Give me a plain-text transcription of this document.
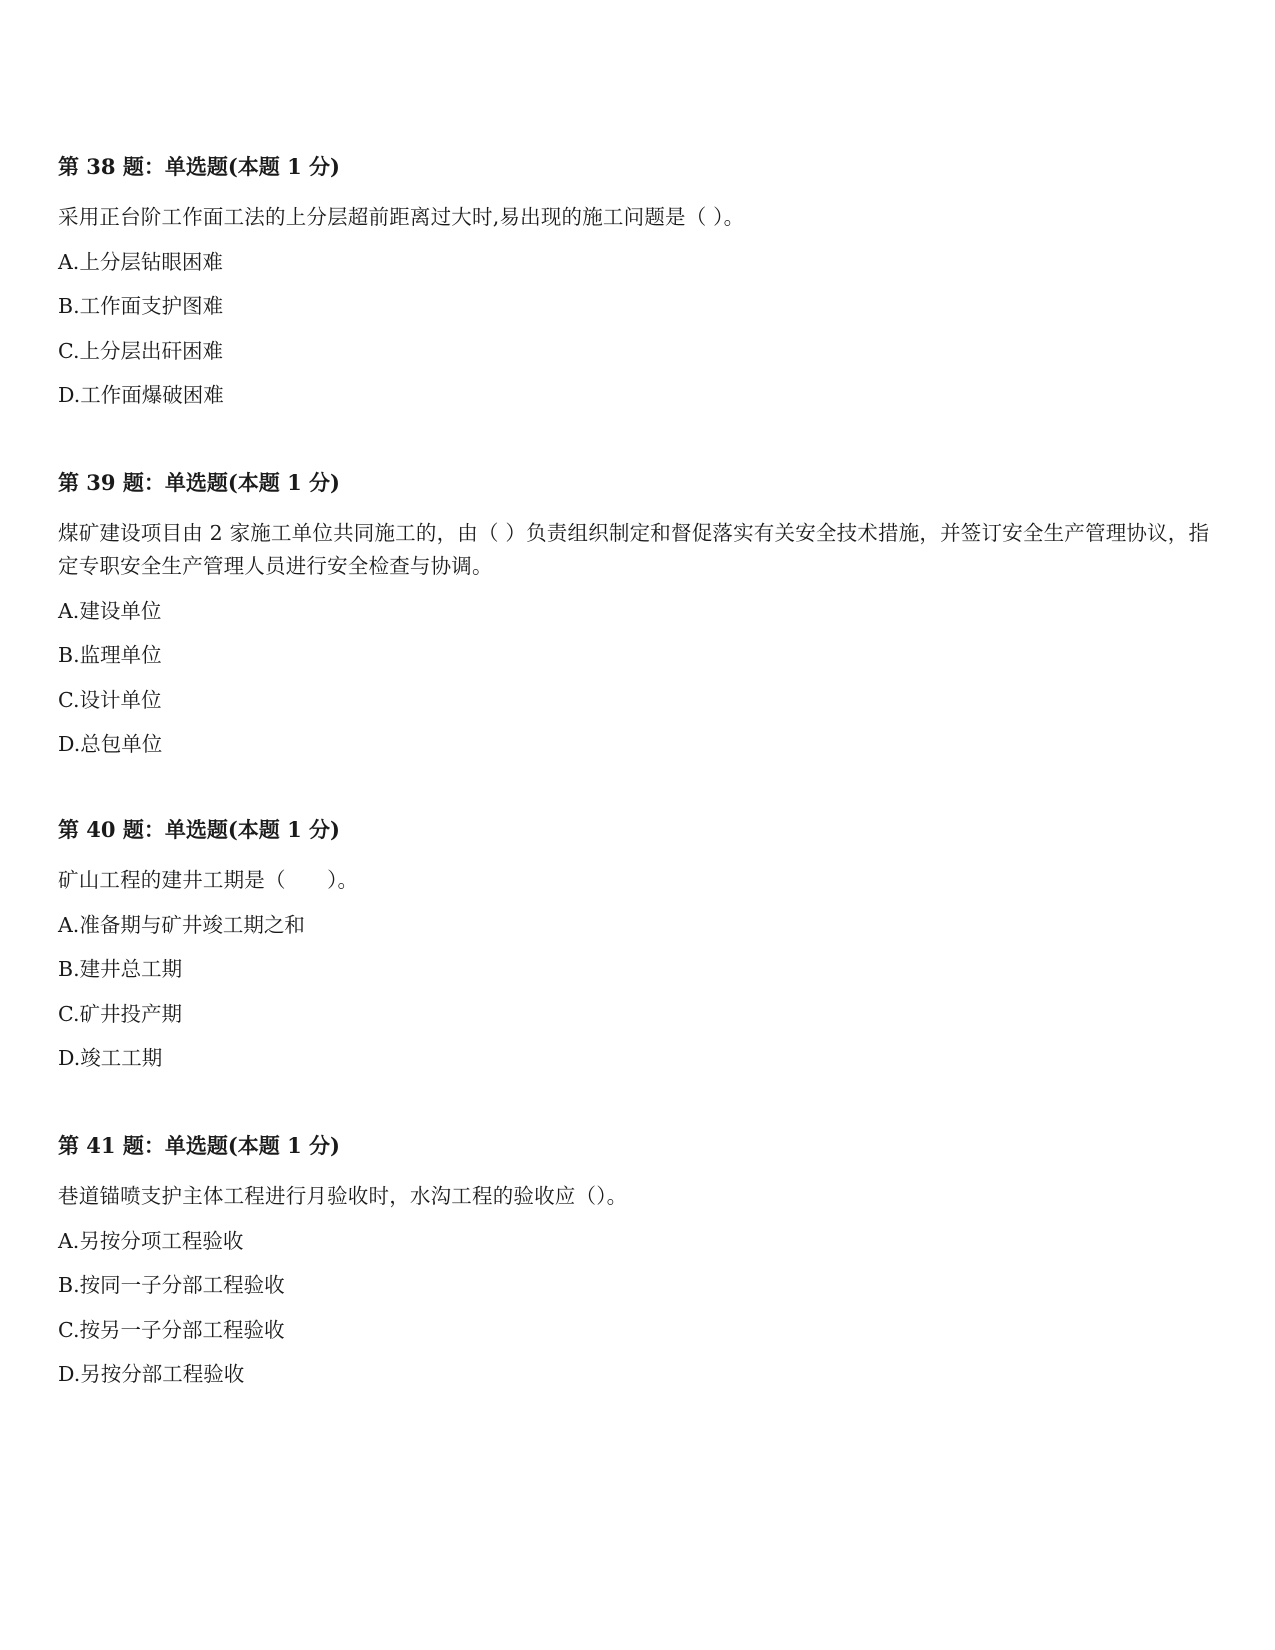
第 38 题：单选题(本题 1 分)

采用正台阶工作面工法的上分层超前距离过大时,易出现的施工问题是（ ）。

A.上分层钻眼困难

B.工作面支护图难

C.上分层出矸困难

D.工作面爆破困难

第 39 题：单选题(本题 1 分)

煤矿建设项目由 2 家施工单位共同施工的，由（ ）负责组织制定和督促落实有关安全技术措施，并签订安全生产管理协议，指定专职安全生产管理人员进行安全检查与协调。

A.建设单位

B.监理单位

C.设计单位

D.总包单位

第 40 题：单选题(本题 1 分)

矿山工程的建井工期是（　　）。

A.准备期与矿井竣工期之和

B.建井总工期

C.矿井投产期

D.竣工工期

第 41 题：单选题(本题 1 分)

巷道锚喷支护主体工程进行月验收时，水沟工程的验收应（）。

A.另按分项工程验收

B.按同一子分部工程验收

C.按另一子分部工程验收

D.另按分部工程验收
